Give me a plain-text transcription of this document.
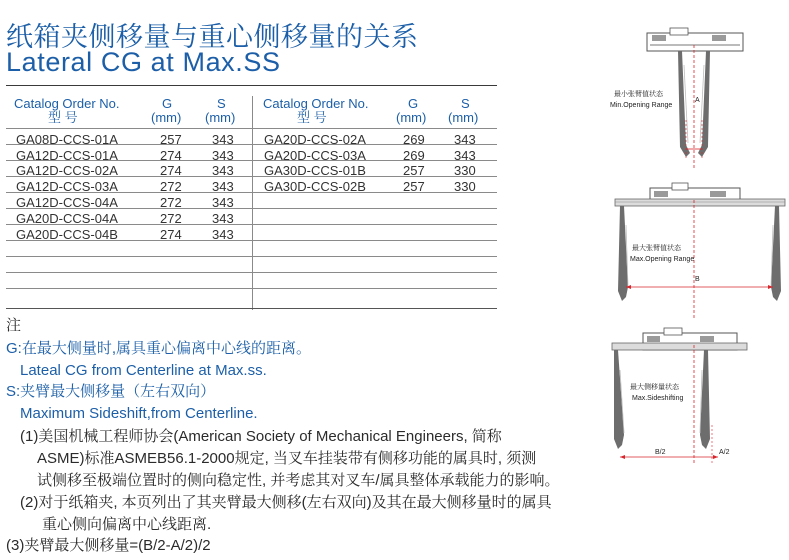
纸箱夹侧移量与重心侧移量的关系
Lateral CG at Max.SS
Catalog Order No.
型 号
G
(mm)
S
(mm)
Catalog Order No.
型 号
G
(mm)
S
(mm)
GA08D-CCS-01A	257 343
GA12D-CCS-01A	274 343
GA12D-CCS-02A	274 343
GA12D-CCS-03A	272 343
GA12D-CCS-04A	272 343
GA20D-CCS-04A	272 343
GA20D-CCS-04B	274 343
GA20D-CCS-02A	269 343
GA20D-CCS-03A	269 343
GA30D-CCS-01B	257 330
GA30D-CCS-02B	257 330
注
G:在最大侧量时,属具重心偏离中心线的距离。
Lateal CG from Centerline at Max.ss.
S:夹臂最大侧移量（左右双向）
Maximum Sideshift,from Centerline.
(1)美国机械工程师协会(American Society of Mechanical Engineers, 简称
ASME)标准ASMEB56.1-2000规定, 当叉车挂装带有侧移功能的属具时, 须测
试侧移至极端位置时的侧向稳定性, 并考虑其对叉车/属具整体承载能力的影响。
(2)对于纸箱夹, 本页列出了其夹臂最大侧移(左右双向)及其在最大侧移量时的属具
重心侧向偏离中心线距离.
(3)夹臂最大侧移量=(B/2-A/2)/2
A
最小张臂值状态
Min.Opening Range
B
最大张臂值状态
Max.Opening Range
B/2	A/2
最大侧移量状态
Max.Sideshifting
